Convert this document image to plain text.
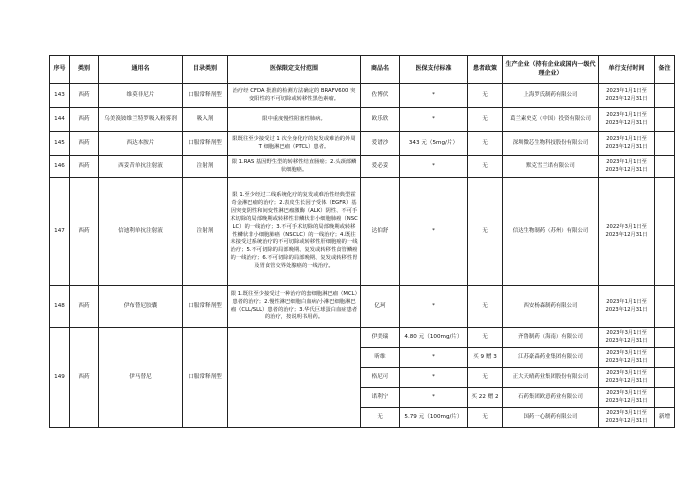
序号	类别	通用名	目录类别	医保限定支付范围	商品名	医保支付标准	患者政策	生产企业（持有企业或国内一级代理企业）	单行支付时间	备注
143	西药	维莫非尼片	口服常释剂型	治疗经 CFDA 批准的检测方法确定的 BRAFV600 突变阳性的不可切除或转移性黑色素瘤。	佐博伏	*	无	上海罗氏制药有限公司	2023年1月1日至
2023年12月31日	

144	西药	乌美溴铵维兰特罗吸入粉雾剂	吸入剂	限中重度慢性阻塞性肺病。	欧乐欣	*	无	葛兰素史克（中国）投资有限公司	2023年1月1日至
2023年12月31日	

145	西药	西达本胺片	口服常释剂型	限既往至少接受过 1 次全身化疗的复发或难治的外周 T 细胞淋巴瘤（PTCL）患者。	爱谱沙	343 元（5mg/片）	无	深圳微芯生物科技股份有限公司	2023年1月1日至
2023年12月31日	

146	西药	西妥昔单抗注射液	注射剂	限 1.RAS 基因野生型的转移性结直肠癌；2.头颈部鳞状细胞癌。	爱必妥	*	无	默克雪兰诺有限公司	2023年1月1日至
2023年12月31日	

147	西药	信迪利单抗注射液	注射剂	限 1.至少经过二线系统化疗的复发或难治性经典型霍奇金淋巴瘤的治疗；2.表皮生长因子受体（EGFR）基因突变阴性和间变性淋巴瘤激酶（ALK）阴性、不可手术切除的局部晚期或转移性非鳞状非小细胞肺癌（NSCLC）的一线治疗；3.不可手术切除的局部晚期或转移性鳞状非小细胞肺癌（NSCLC）的一线治疗；4.既往未接受过系统治疗的不可切除或转移性肝细胞癌的一线治疗；5.不可切除的局部晚期、复发或转移性食管鳞癌的一线治疗；6.不可切除的局部晚期、复发或转移性胃及胃食管交界处腺癌的一线治疗。	达伯舒	*	无	信达生物制药（苏州）有限公司	2022年3月1日至
2023年12月31日	

148	西药	伊布替尼胶囊	口服常释剂型	限 1.既往至少接受过一种治疗的套细胞淋巴瘤（MCL）患者的治疗；2.慢性淋巴细胞白血病/小淋巴细胞淋巴瘤（CLL/SLL）患者的治疗；3.华氏巨球蛋白血症患者的治疗，按说明书用药。	亿珂	*	无	西安杨森制药有限公司	2023年1月1日至
2023年12月31日	

149	西药	伊马替尼	口服常释剂型		伊美瑞	4.80 元（100mg/片）	无	齐鲁制药（海南）有限公司	2023年3月1日至
2023年12月31日	

					昕维	*	买 9 赠 3	江苏豪森药业集团有限公司	2023年3月1日至
2023年12月31日	

					格尼可	*	无	正大天晴药业集团股份有限公司	2023年3月1日至
2023年12月31日	

					诺利宁	*	买 22 赠 2	石药集团欧意药业有限公司	2023年3月1日至
2023年12月31日	

					无	5.79 元（100mg/片）	无	国药一心制药有限公司	2023年3月1日至
2023年12月31日	新增
